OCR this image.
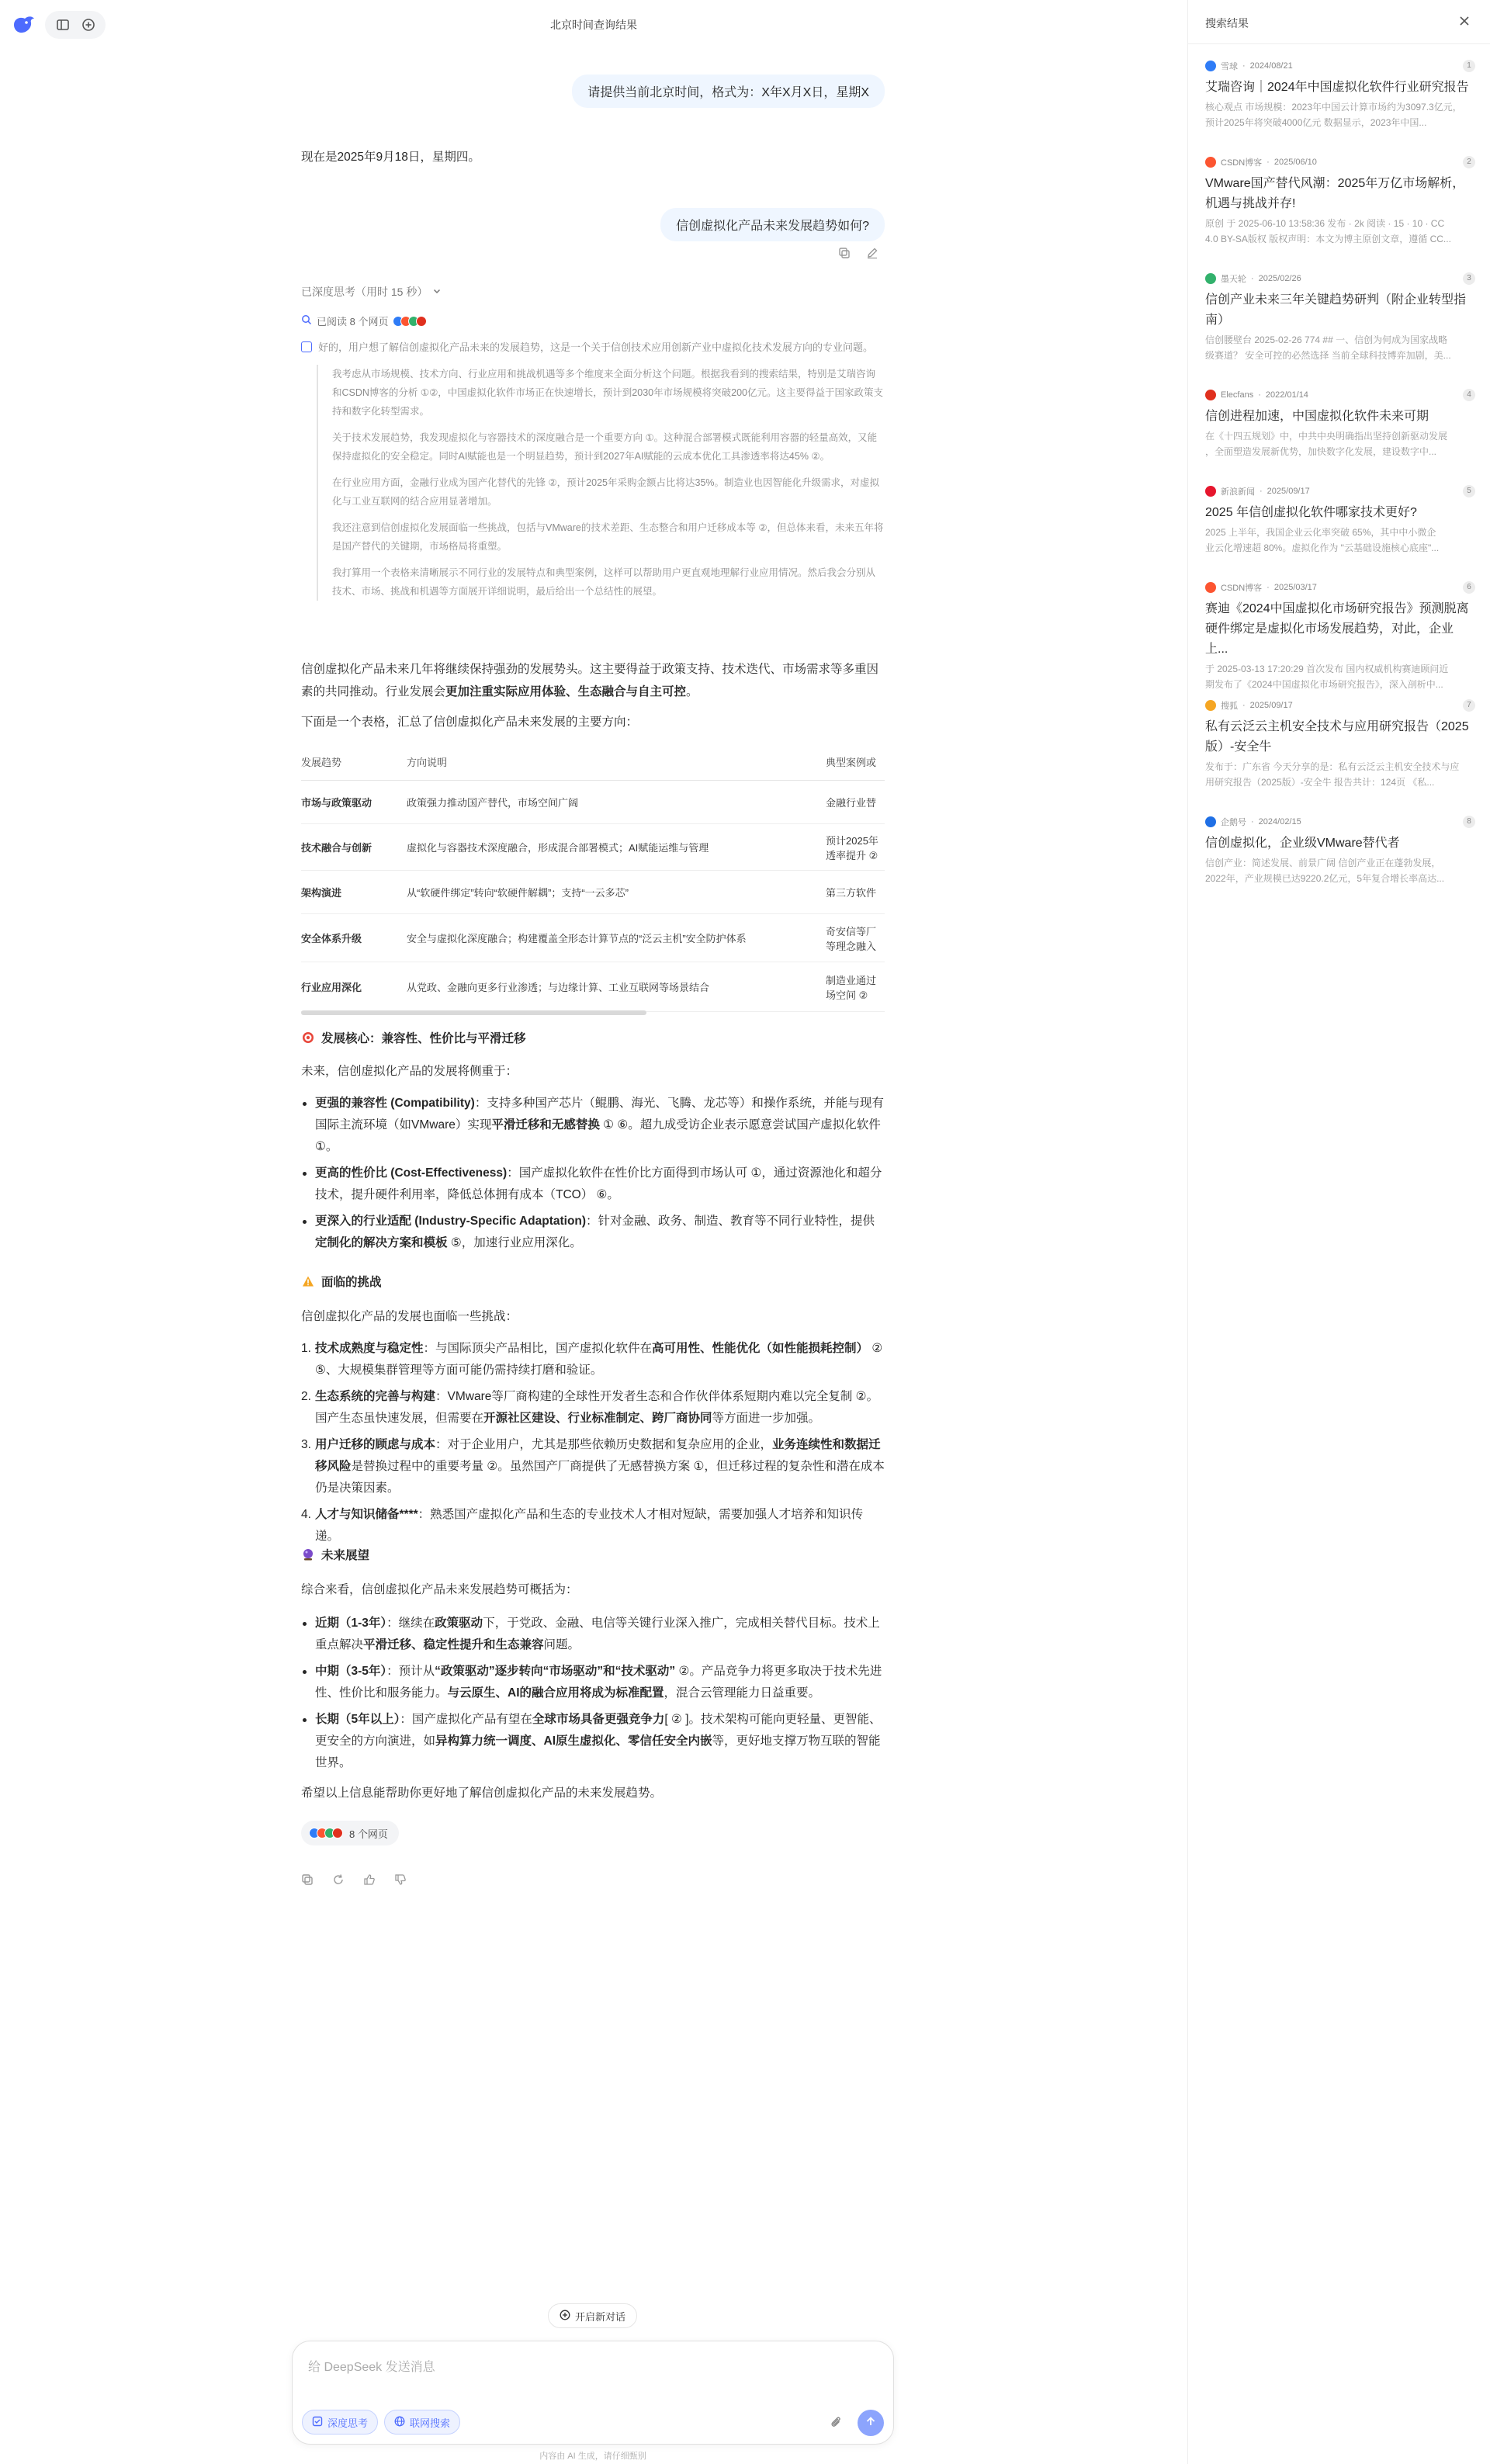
北京时间查询结果
请提供当前北京时间，格式为：X年X月X日，星期X
现在是2025年9月18日，星期四。
信创虚拟化产品未来发展趋势如何?
已深度思考（用时 15 秒）
已阅读 8 个网页
好的，用户想了解信创虚拟化产品未来的发展趋势，这是一个关于信创技术应用创新产业中虚拟化技术发展方向的专业问题。

我考虑从市场规模、技术方向、行业应用和挑战机遇等多个维度来全面分析这个问题。根据我看到的搜索结果，特别是艾瑞咨询和CSDN博客的分析 ①②，中国虚拟化软件市场正在快速增长，预计到2030年市场规模将突破200亿元。这主要得益于国家政策支持和数字化转型需求。

关于技术发展趋势，我发现虚拟化与容器技术的深度融合是一个重要方向 ①。这种混合部署模式既能利用容器的轻量高效，又能保持虚拟化的安全稳定。同时AI赋能也是一个明显趋势，预计到2027年AI赋能的云成本优化工具渗透率将达45% ②。

在行业应用方面，金融行业成为国产化替代的先锋 ②，预计2025年采购金额占比将达35%。制造业也因智能化升级需求，对虚拟化与工业互联网的结合应用显著增加。

我还注意到信创虚拟化发展面临一些挑战，包括与VMware的技术差距、生态整合和用户迁移成本等 ②，但总体来看，未来五年将是国产替代的关键期，市场格局将重塑。

我打算用一个表格来清晰展示不同行业的发展特点和典型案例，这样可以帮助用户更直观地理解行业应用情况。然后我会分别从技术、市场、挑战和机遇等方面展开详细说明，最后给出一个总结性的展望。

信创虚拟化产品未来几年将继续保持强劲的发展势头。这主要得益于政策支持、技术迭代、市场需求等多重因素的共同推动。行业发展会更加注重实际应用体验、生态融合与自主可控。
下面是一个表格，汇总了信创虚拟化产品未来发展的主要方向：
发展趋势	方向说明	典型案例或
市场与政策驱动	政策强力推动国产替代，市场空间广阔	金融行业替

技术融合与创新	虚拟化与容器技术深度融合，形成混合部署模式；AI赋能运维与管理	预计2025年
透率提升 ②

架构演进	从“软硬件绑定”转向“软硬件解耦”；支持“一云多芯”	第三方软件

安全体系升级	安全与虚拟化深度融合；构建覆盖全形态计算节点的“泛云主机”安全防护体系	奇安信等厂
等理念融入

行业应用深化	从党政、金融向更多行业渗透；与边缘计算、工业互联网等场景结合	制造业通过
场空间 ②
发展核心：兼容性、性价比与平滑迁移
未来，信创虚拟化产品的发展将侧重于：
更强的兼容性 (Compatibility)：支持多种国产芯片（鲲鹏、海光、飞腾、龙芯等）和操作系统，并能与现有国际主流环境（如VMware）实现平滑迁移和无感替换 ① ⑥。超九成受访企业表示愿意尝试国产虚拟化软件 ①。
更高的性价比 (Cost-Effectiveness)：国产虚拟化软件在性价比方面得到市场认可 ①，通过资源池化和超分技术，提升硬件利用率，降低总体拥有成本（TCO） ⑥。
更深入的行业适配 (Industry-Specific Adaptation)：针对金融、政务、制造、教育等不同行业特性，提供定制化的解决方案和模板 ⑤，加速行业应用深化。
面临的挑战
信创虚拟化产品的发展也面临一些挑战：
1. 技术成熟度与稳定性：与国际顶尖产品相比，国产虚拟化软件在高可用性、性能优化（如性能损耗控制） ② ⑤、大规模集群管理等方面可能仍需持续打磨和验证。
2. 生态系统的完善与构建：VMware等厂商构建的全球性开发者生态和合作伙伴体系短期内难以完全复制 ②。国产生态虽快速发展，但需要在开源社区建设、行业标准制定、跨厂商协同等方面进一步加强。
3. 用户迁移的顾虑与成本：对于企业用户，尤其是那些依赖历史数据和复杂应用的企业，业务连续性和数据迁移风险是替换过程中的重要考量 ②。虽然国产厂商提供了无感替换方案 ①，但迁移过程的复杂性和潜在成本仍是决策因素。
4. 人才与知识储备****：熟悉国产虚拟化产品和生态的专业技术人才相对短缺，需要加强人才培养和知识传递。
未来展望
综合来看，信创虚拟化产品未来发展趋势可概括为：
近期（1-3年）：继续在政策驱动下，于党政、金融、电信等关键行业深入推广，完成相关替代目标。技术上重点解决平滑迁移、稳定性提升和生态兼容问题。
中期（3-5年）：预计从“政策驱动”逐步转向“市场驱动”和“技术驱动” ②。产品竞争力将更多取决于技术先进性、性价比和服务能力。与云原生、AI的融合应用将成为标准配置，混合云管理能力日益重要。
长期（5年以上）：国产虚拟化产品有望在全球市场具备更强竞争力[ ② ]。技术架构可能向更轻量、更智能、更安全的方向演进，如异构算力统一调度、AI原生虚拟化、零信任安全内嵌等，更好地支撑万物互联的智能世界。
希望以上信息能帮助你更好地了解信创虚拟化产品的未来发展趋势。
8 个网页
开启新对话
给 DeepSeek 发送消息
深度思考	联网搜索
内容由 AI 生成，请仔细甄别
搜索结果
雪球 · 2024/08/21	1
艾瑞咨询｜2024年中国虚拟化软件行业研究报告
核心观点 市场规模：2023年中国云计算市场约为3097.3亿元，
预计2025年将突破4000亿元 数据显示，2023年中国...
CSDN博客 · 2025/06/10	2
VMware国产替代风潮：2025年万亿市场解析，机遇与挑战并存!
原创 于 2025-06-10 13:58:36 发布 · 2k 阅读 · 15 · 10 · CC
4.0 BY-SA版权 版权声明：本文为博主原创文章，遵循 CC...
墨天轮 · 2025/02/26	3
信创产业未来三年关键趋势研判（附企业转型指南）
信创腰壁台 2025-02-26 774 ## 一、信创为何成为国家战略
级赛道？ 安全可控的必然选择 当前全球科技博弈加剧，美...
Elecfans · 2022/01/14	4
信创进程加速，中国虚拟化软件未来可期
在《十四五规划》中，中共中央明确指出坚持创新驱动发展
，全面塑造发展新优势，加快数字化发展，建设数字中...
新浪新闻 · 2025/09/17	5
2025 年信创虚拟化软件哪家技术更好?
2025 上半年，我国企业云化率突破 65%，其中中小微企
业云化增速超 80%。虚拟化作为 "云基础设施核心底座"...
CSDN博客 · 2025/03/17	6
赛迪《2024中国虚拟化市场研究报告》预测脱离硬件绑定是虚拟化市场发展趋势，对此，企业上...
于 2025-03-13 17:20:29 首次发布 国内权威机构赛迪顾问近
期发布了《2024中国虚拟化市场研究报告》，深入剖析中...
搜狐 · 2025/09/17	7
私有云泛云主机安全技术与应用研究报告（2025版）-安全牛
发布于：广东省 今天分享的是：私有云泛云主机安全技术与应
用研究报告（2025版）-安全牛 报告共计：124页 《私...
企鹅号 · 2024/02/15	8
信创虚拟化，企业级VMware替代者
信创产业：简述发展、前景广阔 信创产业正在蓬勃发展，
2022年，产业规模已达9220.2亿元，5年复合增长率高达...
